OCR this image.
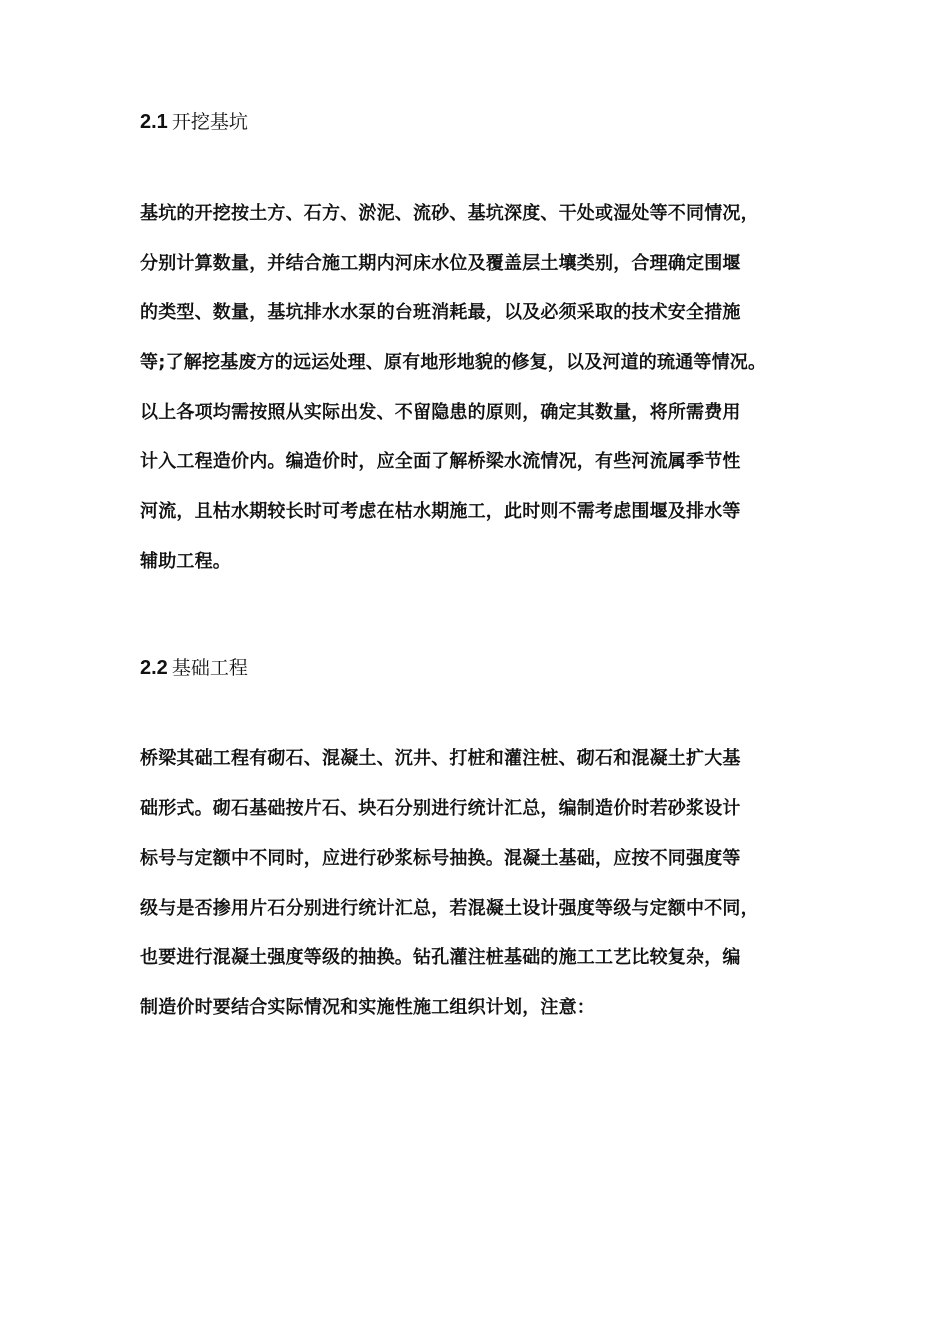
2.1 开挖基坑
基坑的开挖按土方、石方、淤泥、流砂、基坑深度、干处或湿处等不同情况，
分别计算数量，并结合施工期内河床水位及覆盖层土壤类别，合理确定围堰
的类型、数量，基坑排水水泵的台班消耗最，以及必须采取的技术安全措施
等;了解挖基废方的远运处理、原有地形地貌的修复，以及河道的琉通等情况。
以上各项均需按照从实际出发、不留隐患的原则，确定其数量，将所需费用
计入工程造价内。编造价时，应全面了解桥梁水流情况，有些河流属季节性
河流，且枯水期较长时可考虑在枯水期施工，此时则不需考虑围堰及排水等
辅助工程。
2.2 基础工程
桥梁其础工程有砌石、混凝土、沉井、打桩和灌注桩、砌石和混凝土扩大基
础形式。砌石基础按片石、块石分别进行统计汇总，编制造价时若砂浆设计
标号与定额中不同时，应进行砂浆标号抽换。混凝土基础，应按不同强度等
级与是否掺用片石分别进行统计汇总，若混凝土设计强度等级与定额中不同，
也要进行混凝土强度等级的抽换。钻孔灌注桩基础的施工工艺比较复杂，编
制造价时要结合实际情况和实施性施工组织计划，注意：
